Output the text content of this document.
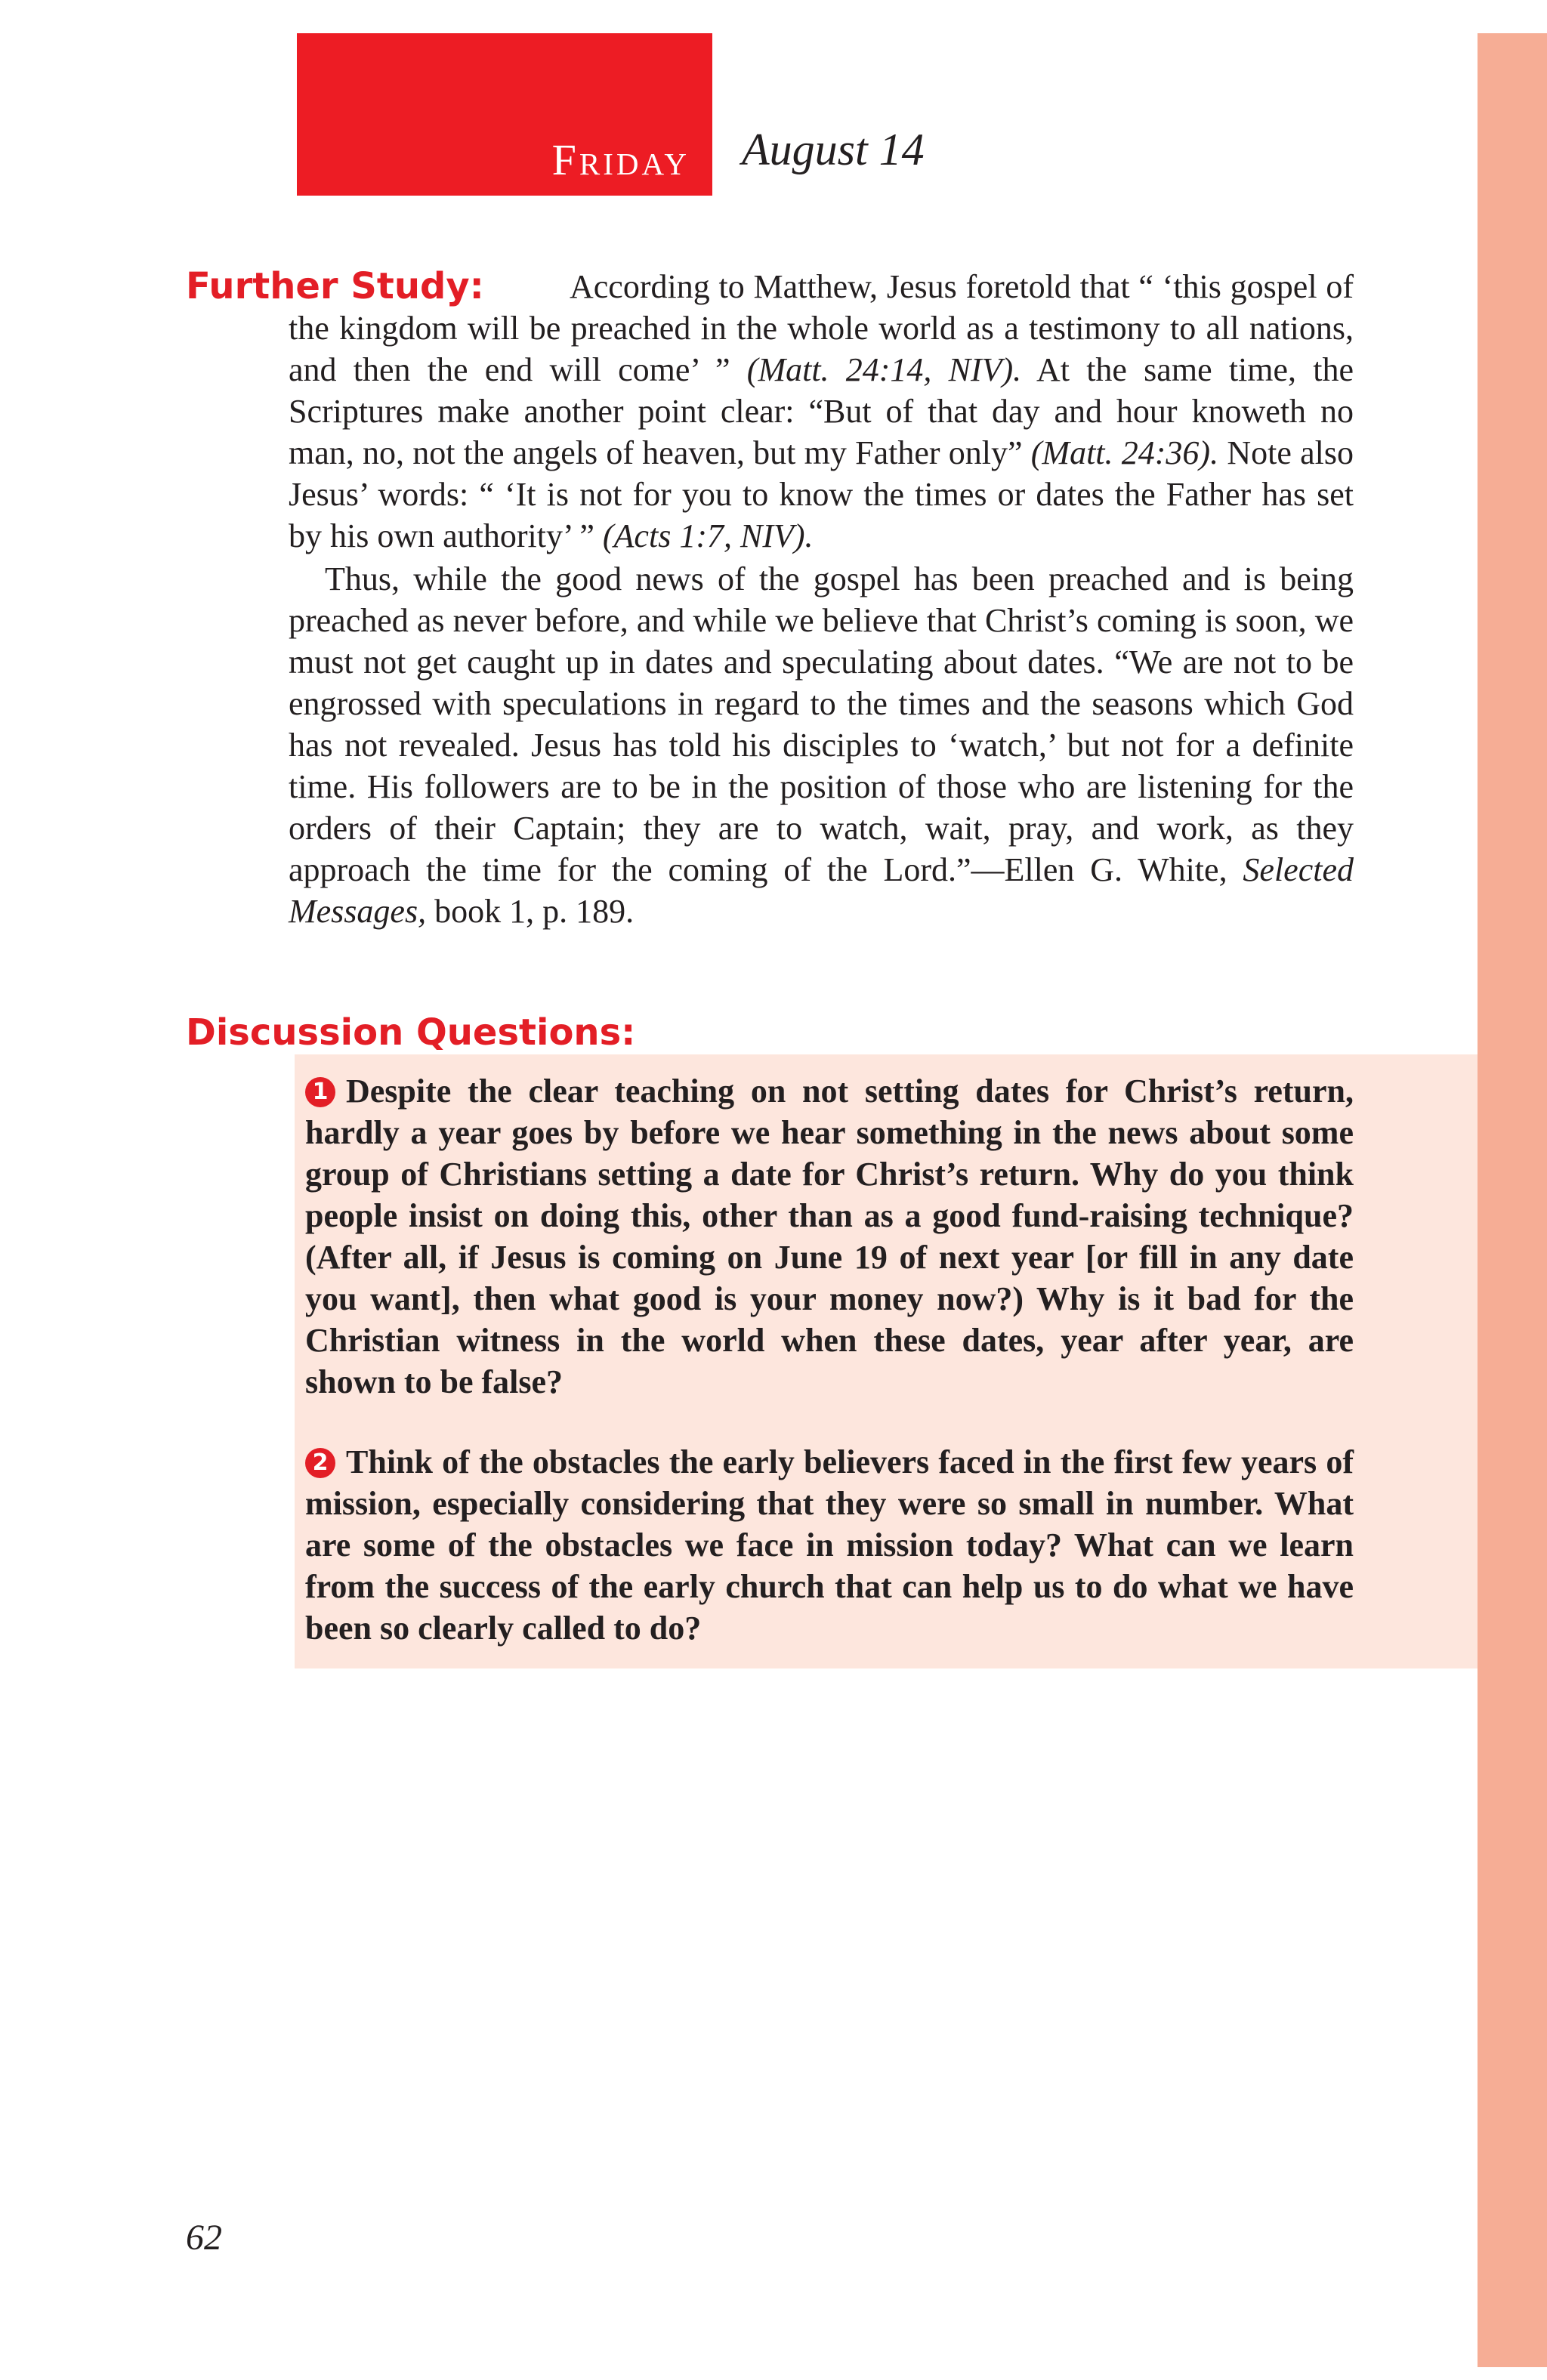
Friday August 14
Further Study:	According to Matthew, Jesus foretold that “ ‘this gospel of the kingdom will be preached in the whole world as a testimony to all nations, and then the end will come’ ” (Matt. 24:14, NIV). At the same time, the Scriptures make another point clear: “But of that day and hour knoweth no man, no, not the angels of heaven, but my Father only” (Matt. 24:36). Note also Jesus’ words: “ ‘It is not for you to know the times or dates the Father has set by his own authority’ ” (Acts 1:7, NIV).

Thus, while the good news of the gospel has been preached and is being preached as never before, and while we believe that Christ’s coming is soon, we must not get caught up in dates and speculating about dates. “We are not to be engrossed with speculations in regard to the times and the seasons which God has not revealed. Jesus has told his disciples to ‘watch,’ but not for a definite time. His followers are to be in the position of those who are listening for the orders of their Captain; they are to watch, wait, pray, and work, as they approach the time for the coming of the Lord.”—Ellen G. White, Selected Messages, book 1, p. 189.

Discussion Questions:

1 Despite the clear teaching on not setting dates for Christ’s return, hardly a year goes by before we hear something in the news about some group of Christians setting a date for Christ’s return. Why do you think people insist on doing this, other than as a good fund-raising technique? (After all, if Jesus is coming on June 19 of next year [or fill in any date you want], then what good is your money now?) Why is it bad for the Christian witness in the world when these dates, year after year, are shown to be false?

2 Think of the obstacles the early believers faced in the first few years of mission, especially considering that they were so small in number. What are some of the obstacles we face in mission today? What can we learn from the success of the early church that can help us to do what we have been so clearly called to do?

62
